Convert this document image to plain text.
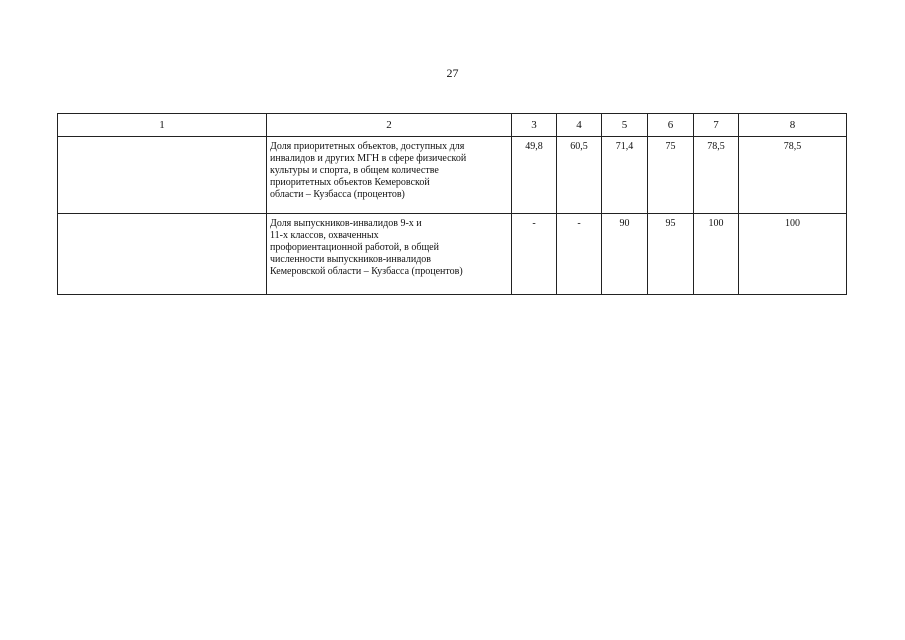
27
1	2	3	4	5	6	7	8
	Доля приоритетных объектов, доступных для
инвалидов и других МГН в сфере физической
культуры и спорта, в общем количестве
приоритетных объектов Кемеровской
области – Кузбасса (процентов)	49,8	60,5	71,4	75	78,5	78,5
	Доля выпускников-инвалидов 9-х и
11-х классов, охваченных
профориентационной работой, в общей
численности выпускников-инвалидов
Кемеровской области – Кузбасса (процентов)	-	-	90	95	100	100
